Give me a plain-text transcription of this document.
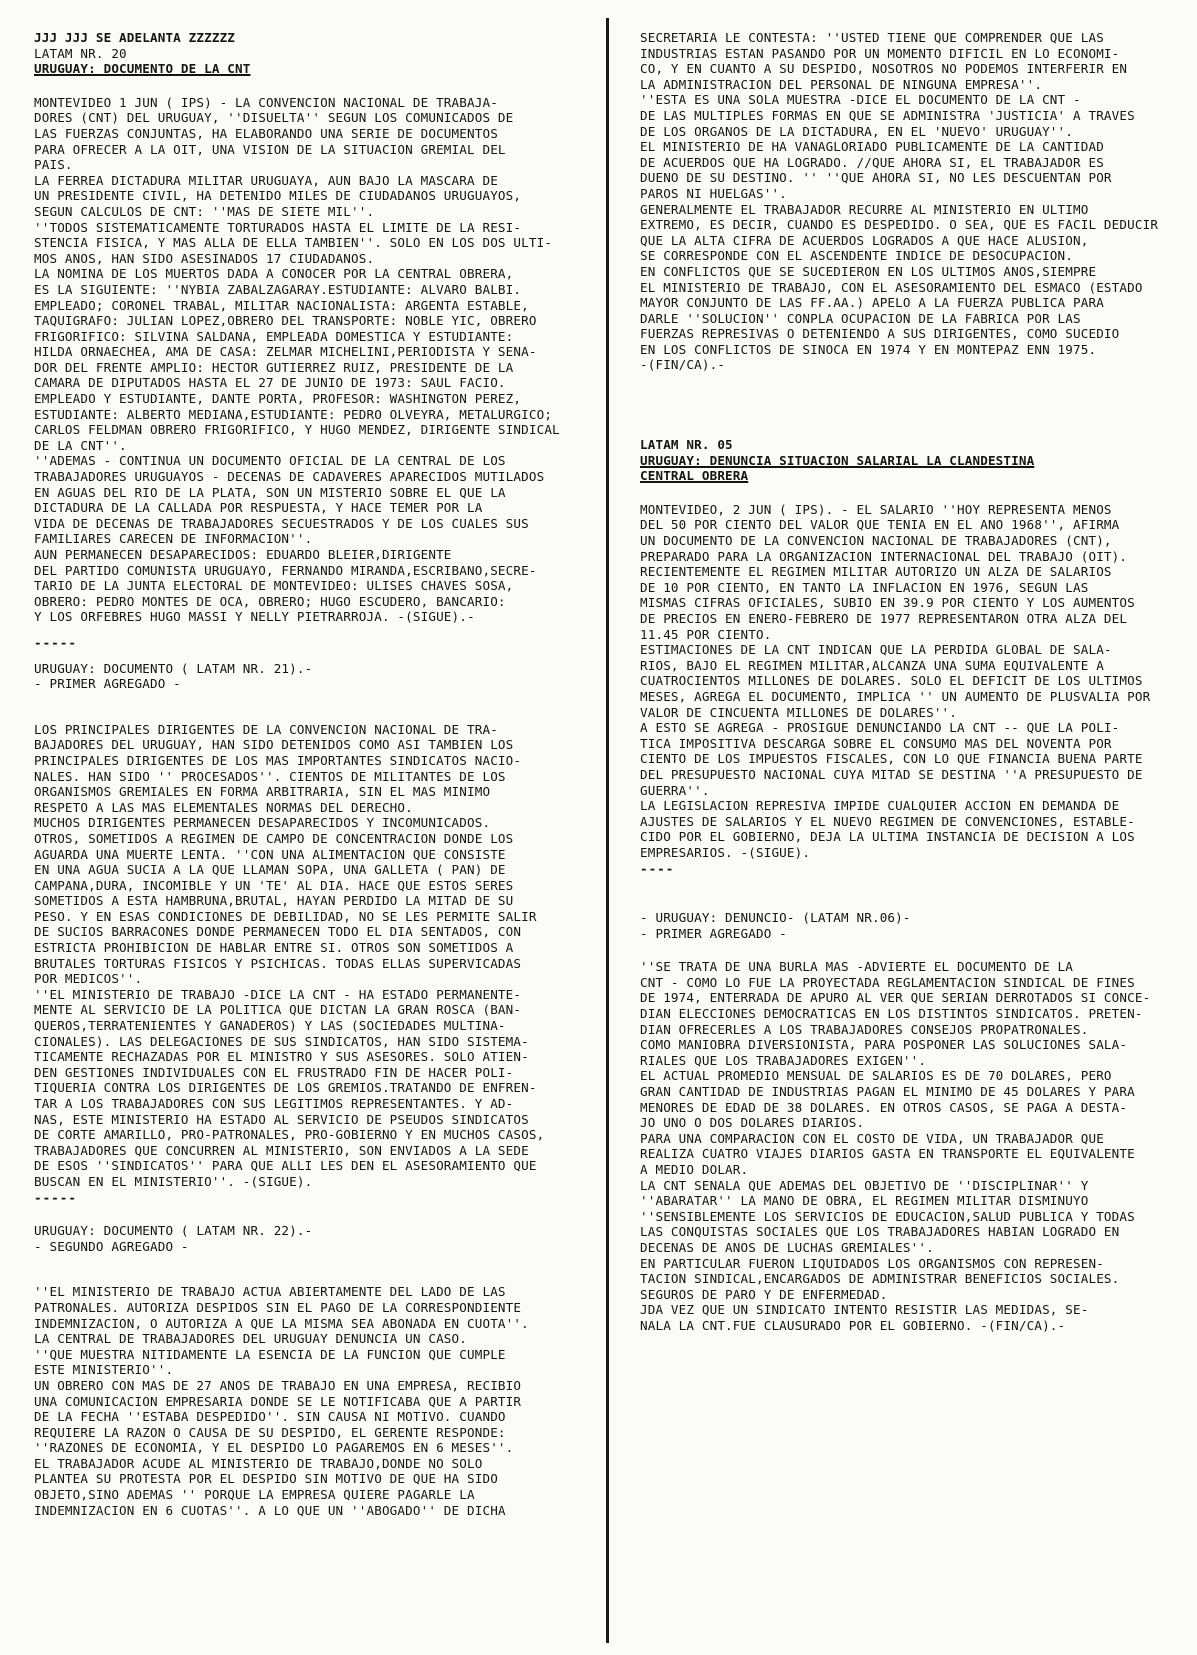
JJJ JJJ SE ADELANTA ZZZZZZ

LATAM NR. 20

URUGUAY: DOCUMENTO DE LA CNT

MONTEVIDEO 1 JUN ( IPS) - LA CONVENCION NACIONAL DE TRABAJA-
DORES (CNT) DEL URUGUAY, ''DISUELTA'' SEGUN LOS COMUNICADOS DE
LAS FUERZAS CONJUNTAS, HA ELABORANDO UNA SERIE DE DOCUMENTOS
PARA OFRECER A LA OIT, UNA VISION DE LA SITUACION GREMIAL DEL
PAIS.
LA FERREA DICTADURA MILITAR URUGUAYA, AUN BAJO LA MASCARA DE
UN PRESIDENTE CIVIL, HA DETENIDO MILES DE CIUDADANOS URUGUAYOS,
SEGUN CALCULOS DE CNT: ''MAS DE SIETE MIL''.
''TODOS SISTEMATICAMENTE TORTURADOS HASTA EL LIMITE DE LA RESI-
STENCIA FISICA, Y MAS ALLA DE ELLA TAMBIEN''. SOLO EN LOS DOS ULTI-
MOS ANOS, HAN SIDO ASESINADOS 17 CIUDADANOS.
LA NOMINA DE LOS MUERTOS DADA A CONOCER POR LA CENTRAL OBRERA,
ES LA SIGUIENTE: ''NYBIA ZABALZAGARAY.ESTUDIANTE: ALVARO BALBI.
EMPLEADO; CORONEL TRABAL, MILITAR NACIONALISTA: ARGENTA ESTABLE,
TAQUIGRAFO: JULIAN LOPEZ,OBRERO DEL TRANSPORTE: NOBLE YIC, OBRERO
FRIGORIFICO: SILVINA SALDANA, EMPLEADA DOMESTICA Y ESTUDIANTE:
HILDA ORNAECHEA, AMA DE CASA: ZELMAR MICHELINI,PERIODISTA Y SENA-
DOR DEL FRENTE AMPLIO: HECTOR GUTIERREZ RUIZ, PRESIDENTE DE LA
CAMARA DE DIPUTADOS HASTA EL 27 DE JUNIO DE 1973: SAUL FACIO.
EMPLEADO Y ESTUDIANTE, DANTE PORTA, PROFESOR: WASHINGTON PEREZ,
ESTUDIANTE: ALBERTO MEDIANA,ESTUDIANTE: PEDRO OLVEYRA, METALURGICO;
CARLOS FELDMAN OBRERO FRIGORIFICO, Y HUGO MENDEZ, DIRIGENTE SINDICAL
DE LA CNT''.
''ADEMAS - CONTINUA UN DOCUMENTO OFICIAL DE LA CENTRAL DE LOS
TRABAJADORES URUGUAYOS - DECENAS DE CADAVERES APARECIDOS MUTILADOS
EN AGUAS DEL RIO DE LA PLATA, SON UN MISTERIO SOBRE EL QUE LA
DICTADURA DE LA CALLADA POR RESPUESTA, Y HACE TEMER POR LA
VIDA DE DECENAS DE TRABAJADORES SECUESTRADOS Y DE LOS CUALES SUS
FAMILIARES CARECEN DE INFORMACION''.
AUN PERMANECEN DESAPARECIDOS: EDUARDO BLEIER,DIRIGENTE
DEL PARTIDO COMUNISTA URUGUAYO, FERNANDO MIRANDA,ESCRIBANO,SECRE-
TARIO DE LA JUNTA ELECTORAL DE MONTEVIDEO: ULISES CHAVES SOSA,
OBRERO: PEDRO MONTES DE OCA, OBRERO; HUGO ESCUDERO, BANCARIO:
Y LOS ORFEBRES HUGO MASSI Y NELLY PIETRARROJA. -(SIGUE).-

-----

URUGUAY: DOCUMENTO ( LATAM NR. 21).-

- PRIMER AGREGADO -

LOS PRINCIPALES DIRIGENTES DE LA CONVENCION NACIONAL DE TRA-
BAJADORES DEL URUGUAY, HAN SIDO DETENIDOS COMO ASI TAMBIEN LOS
PRINCIPALES DIRIGENTES DE LOS MAS IMPORTANTES SINDICATOS NACIO-
NALES. HAN SIDO '' PROCESADOS''. CIENTOS DE MILITANTES DE LOS
ORGANISMOS GREMIALES EN FORMA ARBITRARIA, SIN EL MAS MINIMO
RESPETO A LAS MAS ELEMENTALES NORMAS DEL DERECHO.
MUCHOS DIRIGENTES PERMANECEN DESAPARECIDOS Y INCOMUNICADOS.
OTROS, SOMETIDOS A REGIMEN DE CAMPO DE CONCENTRACION DONDE LOS
AGUARDA UNA MUERTE LENTA. ''CON UNA ALIMENTACION QUE CONSISTE
EN UNA AGUA SUCIA A LA QUE LLAMAN SOPA, UNA GALLETA ( PAN) DE
CAMPANA,DURA, INCOMIBLE Y UN 'TE' AL DIA. HACE QUE ESTOS SERES
SOMETIDOS A ESTA HAMBRUNA,BRUTAL, HAYAN PERDIDO LA MITAD DE SU
PESO. Y EN ESAS CONDICIONES DE DEBILIDAD, NO SE LES PERMITE SALIR
DE SUCIOS BARRACONES DONDE PERMANECEN TODO EL DIA SENTADOS, CON
ESTRICTA PROHIBICION DE HABLAR ENTRE SI. OTROS SON SOMETIDOS A
BRUTALES TORTURAS FISICOS Y PSICHICAS. TODAS ELLAS SUPERVICADAS
POR MEDICOS''.
''EL MINISTERIO DE TRABAJO -DICE LA CNT - HA ESTADO PERMANENTE-
MENTE AL SERVICIO DE LA POLITICA QUE DICTAN LA GRAN ROSCA (BAN-
QUEROS,TERRATENIENTES Y GANADEROS) Y LAS (SOCIEDADES MULTINA-
CIONALES). LAS DELEGACIONES DE SUS SINDICATOS, HAN SIDO SISTEMA-
TICAMENTE RECHAZADAS POR EL MINISTRO Y SUS ASESORES. SOLO ATIEN-
DEN GESTIONES INDIVIDUALES CON EL FRUSTRADO FIN DE HACER POLI-
TIQUERIA CONTRA LOS DIRIGENTES DE LOS GREMIOS.TRATANDO DE ENFREN-
TAR A LOS TRABAJADORES CON SUS LEGITIMOS REPRESENTANTES. Y AD-
NAS, ESTE MINISTERIO HA ESTADO AL SERVICIO DE PSEUDOS SINDICATOS
DE CORTE AMARILLO, PRO-PATRONALES, PRO-GOBIERNO Y EN MUCHOS CASOS,
TRABAJADORES QUE CONCURREN AL MINISTERIO, SON ENVIADOS A LA SEDE
DE ESOS ''SINDICATOS'' PARA QUE ALLI LES DEN EL ASESORAMIENTO QUE
BUSCAN EN EL MINISTERIO''. -(SIGUE).

-----

URUGUAY: DOCUMENTO ( LATAM NR. 22).-

- SEGUNDO AGREGADO -

''EL MINISTERIO DE TRABAJO ACTUA ABIERTAMENTE DEL LADO DE LAS
PATRONALES. AUTORIZA DESPIDOS SIN EL PAGO DE LA CORRESPONDIENTE
INDEMNIZACION, O AUTORIZA A QUE LA MISMA SEA ABONADA EN CUOTA''.
LA CENTRAL DE TRABAJADORES DEL URUGUAY DENUNCIA UN CASO.
''QUE MUESTRA NITIDAMENTE LA ESENCIA DE LA FUNCION QUE CUMPLE
ESTE MINISTERIO''.
UN OBRERO CON MAS DE 27 ANOS DE TRABAJO EN UNA EMPRESA, RECIBIO
UNA COMUNICACION EMPRESARIA DONDE SE LE NOTIFICABA QUE A PARTIR
DE LA FECHA ''ESTABA DESPEDIDO''. SIN CAUSA NI MOTIVO. CUANDO
REQUIERE LA RAZON O CAUSA DE SU DESPIDO, EL GERENTE RESPONDE:
''RAZONES DE ECONOMIA, Y EL DESPIDO LO PAGAREMOS EN 6 MESES''.
EL TRABAJADOR ACUDE AL MINISTERIO DE TRABAJO,DONDE NO SOLO
PLANTEA SU PROTESTA POR EL DESPIDO SIN MOTIVO DE QUE HA SIDO
OBJETO,SINO ADEMAS '' PORQUE LA EMPRESA QUIERE PAGARLE LA
INDEMNIZACION EN 6 CUOTAS''. A LO QUE UN ''ABOGADO'' DE DICHA

SECRETARIA LE CONTESTA: ''USTED TIENE QUE COMPRENDER QUE LAS
INDUSTRIAS ESTAN PASANDO POR UN MOMENTO DIFICIL EN LO ECONOMI-
CO, Y EN CUANTO A SU DESPIDO, NOSOTROS NO PODEMOS INTERFERIR EN
LA ADMINISTRACION DEL PERSONAL DE NINGUNA EMPRESA''.
''ESTA ES UNA SOLA MUESTRA -DICE EL DOCUMENTO DE LA CNT -
DE LAS MULTIPLES FORMAS EN QUE SE ADMINISTRA 'JUSTICIA' A TRAVES
DE LOS ORGANOS DE LA DICTADURA, EN EL 'NUEVO' URUGUAY''.
EL MINISTERIO DE HA VANAGLORIADO PUBLICAMENTE DE LA CANTIDAD
DE ACUERDOS QUE HA LOGRADO. //QUE AHORA SI, EL TRABAJADOR ES
DUENO DE SU DESTINO. '' ''QUE AHORA SI, NO LES DESCUENTAN POR
PAROS NI HUELGAS''.
GENERALMENTE EL TRABAJADOR RECURRE AL MINISTERIO EN ULTIMO
EXTREMO, ES DECIR, CUANDO ES DESPEDIDO. O SEA, QUE ES FACIL DEDUCIR
QUE LA ALTA CIFRA DE ACUERDOS LOGRADOS A QUE HACE ALUSION,
SE CORRESPONDE CON EL ASCENDENTE INDICE DE DESOCUPACION.
EN CONFLICTOS QUE SE SUCEDIERON EN LOS ULTIMOS ANOS,SIEMPRE
EL MINISTERIO DE TRABAJO, CON EL ASESORAMIENTO DEL ESMACO (ESTADO
MAYOR CONJUNTO DE LAS FF.AA.) APELO A LA FUERZA PUBLICA PARA
DARLE ''SOLUCION'' CONPLA OCUPACION DE LA FABRICA POR LAS
FUERZAS REPRESIVAS O DETENIENDO A SUS DIRIGENTES, COMO SUCEDIO
EN LOS CONFLICTOS DE SINOCA EN 1974 Y EN MONTEPAZ ENN 1975.
-(FIN/CA).-

LATAM NR. 05

URUGUAY: DENUNCIA SITUACION SALARIAL LA CLANDESTINA

CENTRAL OBRERA

MONTEVIDEO, 2 JUN ( IPS). - EL SALARIO ''HOY REPRESENTA MENOS
DEL 50 POR CIENTO DEL VALOR QUE TENIA EN EL ANO 1968'', AFIRMA
UN DOCUMENTO DE LA CONVENCION NACIONAL DE TRABAJADORES (CNT),
PREPARADO PARA LA ORGANIZACION INTERNACIONAL DEL TRABAJO (OIT).
RECIENTEMENTE EL REGIMEN MILITAR AUTORIZO UN ALZA DE SALARIOS
DE 10 POR CIENTO, EN TANTO LA INFLACION EN 1976, SEGUN LAS
MISMAS CIFRAS OFICIALES, SUBIO EN 39.9 POR CIENTO Y LOS AUMENTOS
DE PRECIOS EN ENERO-FEBRERO DE 1977 REPRESENTARON OTRA ALZA DEL
11.45 POR CIENTO.
ESTIMACIONES DE LA CNT INDICAN QUE LA PERDIDA GLOBAL DE SALA-
RIOS, BAJO EL REGIMEN MILITAR,ALCANZA UNA SUMA EQUIVALENTE A
CUATROCIENTOS MILLONES DE DOLARES. SOLO EL DEFICIT DE LOS ULTIMOS
MESES, AGREGA EL DOCUMENTO, IMPLICA '' UN AUMENTO DE PLUSVALIA POR
VALOR DE CINCUENTA MILLONES DE DOLARES''.
A ESTO SE AGREGA - PROSIGUE DENUNCIANDO LA CNT -- QUE LA POLI-
TICA IMPOSITIVA DESCARGA SOBRE EL CONSUMO MAS DEL NOVENTA POR
CIENTO DE LOS IMPUESTOS FISCALES, CON LO QUE FINANCIA BUENA PARTE
DEL PRESUPUESTO NACIONAL CUYA MITAD SE DESTINA ''A PRESUPUESTO DE
GUERRA''.
LA LEGISLACION REPRESIVA IMPIDE CUALQUIER ACCION EN DEMANDA DE
AJUSTES DE SALARIOS Y EL NUEVO REGIMEN DE CONVENCIONES, ESTABLE-
CIDO POR EL GOBIERNO, DEJA LA ULTIMA INSTANCIA DE DECISION A LOS
EMPRESARIOS. -(SIGUE).

----

- URUGUAY: DENUNCIO- (LATAM NR.06)-

- PRIMER AGREGADO -

''SE TRATA DE UNA BURLA MAS -ADVIERTE EL DOCUMENTO DE LA
CNT - COMO LO FUE LA PROYECTADA REGLAMENTACION SINDICAL DE FINES
DE 1974, ENTERRADA DE APURO AL VER QUE SERIAN DERROTADOS SI CONCE-
DIAN ELECCIONES DEMOCRATICAS EN LOS DISTINTOS SINDICATOS. PRETEN-
DIAN OFRECERLES A LOS TRABAJADORES CONSEJOS PROPATRONALES.
COMO MANIOBRA DIVERSIONISTA, PARA POSPONER LAS SOLUCIONES SALA-
RIALES QUE LOS TRABAJADORES EXIGEN''.
EL ACTUAL PROMEDIO MENSUAL DE SALARIOS ES DE 70 DOLARES, PERO
GRAN CANTIDAD DE INDUSTRIAS PAGAN EL MINIMO DE 45 DOLARES Y PARA
MENORES DE EDAD DE 38 DOLARES. EN OTROS CASOS, SE PAGA A DESTA-
JO UNO O DOS DOLARES DIARIOS.
PARA UNA COMPARACION CON EL COSTO DE VIDA, UN TRABAJADOR QUE
REALIZA CUATRO VIAJES DIARIOS GASTA EN TRANSPORTE EL EQUIVALENTE
A MEDIO DOLAR.
LA CNT SENALA QUE ADEMAS DEL OBJETIVO DE ''DISCIPLINAR'' Y
''ABARATAR'' LA MANO DE OBRA, EL REGIMEN MILITAR DISMINUYO
''SENSIBLEMENTE LOS SERVICIOS DE EDUCACION,SALUD PUBLICA Y TODAS
LAS CONQUISTAS SOCIALES QUE LOS TRABAJADORES HABIAN LOGRADO EN
DECENAS DE ANOS DE LUCHAS GREMIALES''.
EN PARTICULAR FUERON LIQUIDADOS LOS ORGANISMOS CON REPRESEN-
TACION SINDICAL,ENCARGADOS DE ADMINISTRAR BENEFICIOS SOCIALES.
SEGUROS DE PARO Y DE ENFERMEDAD.
JDA VEZ QUE UN SINDICATO INTENTO RESISTIR LAS MEDIDAS, SE-
NALA LA CNT.FUE CLAUSURADO POR EL GOBIERNO. -(FIN/CA).-
